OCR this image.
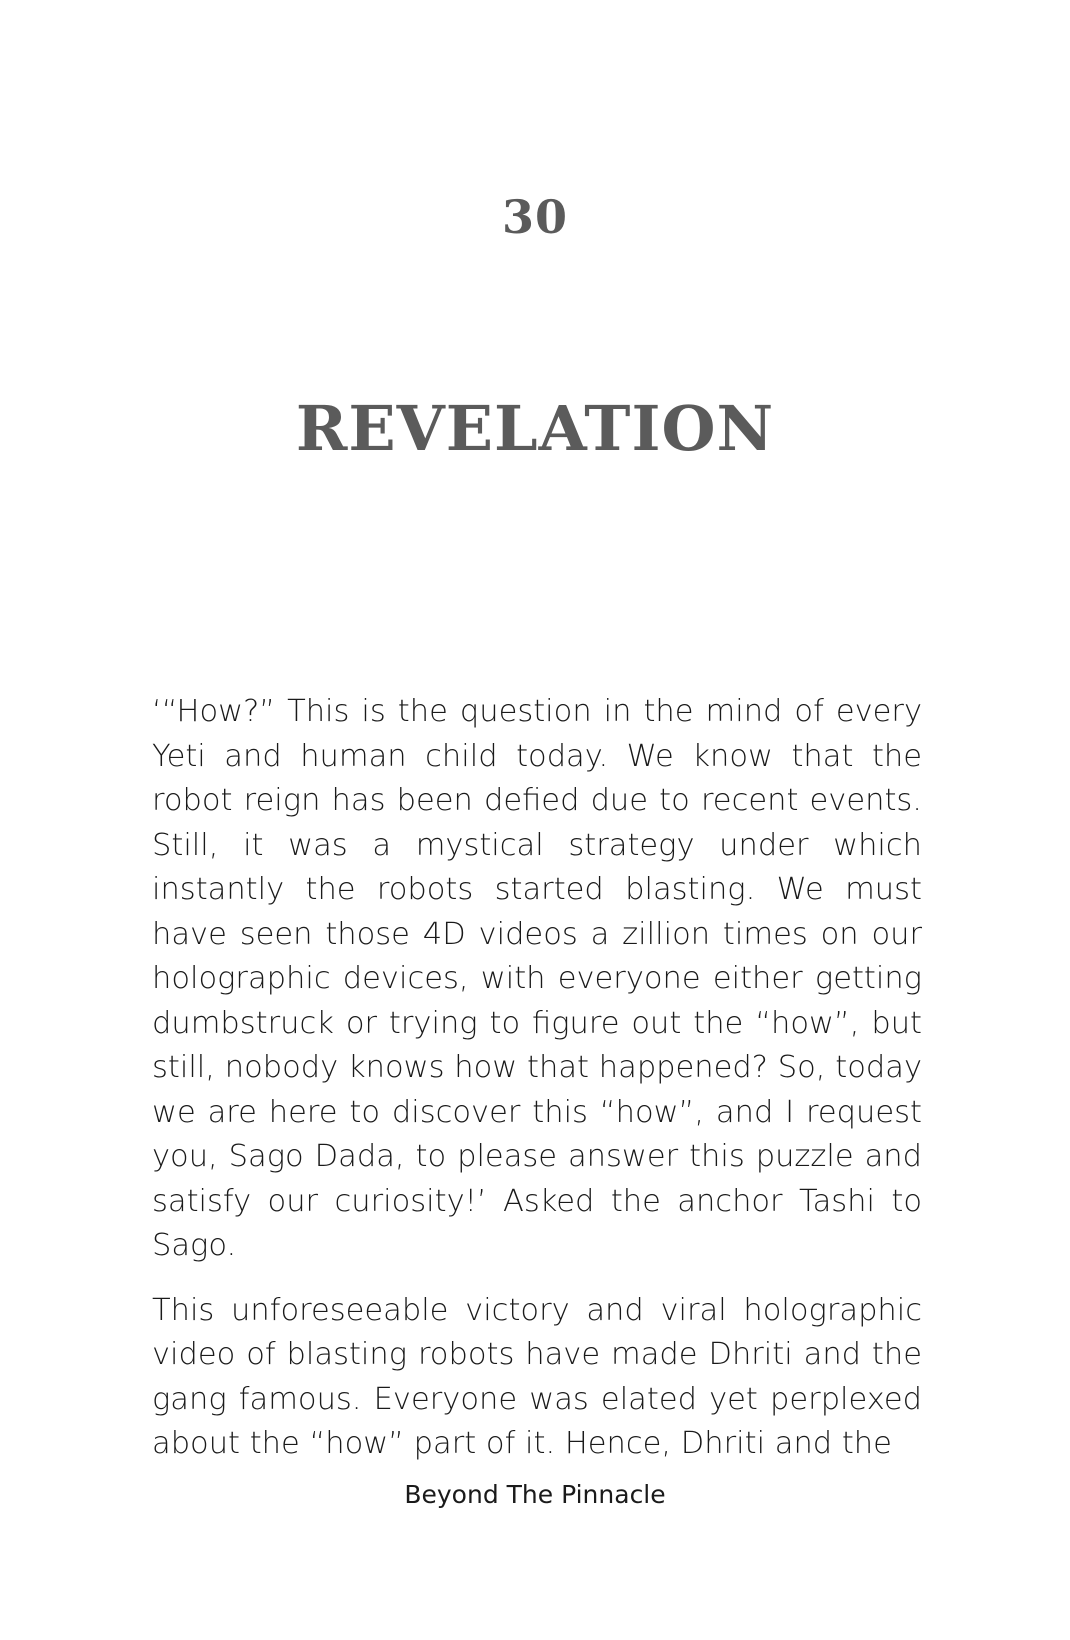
30
REVELATION

‘“How?” This is the question in the mind of every Yeti and human child today. We know that the robot reign has been defied due to recent events. Still, it was a mystical strategy under which instantly the robots started blasting. We must have seen those 4D videos a zillion times on our holographic devices, with everyone either getting dumbstruck or trying to figure out the “how”, but still, nobody knows how that happened? So, today we are here to discover this “how”, and I request you, Sago Dada, to please answer this puzzle and satisfy our curiosity!’ Asked the anchor Tashi to Sago.

This unforeseeable victory and viral holographic video of blasting robots have made Dhriti and the gang famous. Everyone was elated yet perplexed about the “how” part of it. Hence, Dhriti and the

Beyond The Pinnacle
